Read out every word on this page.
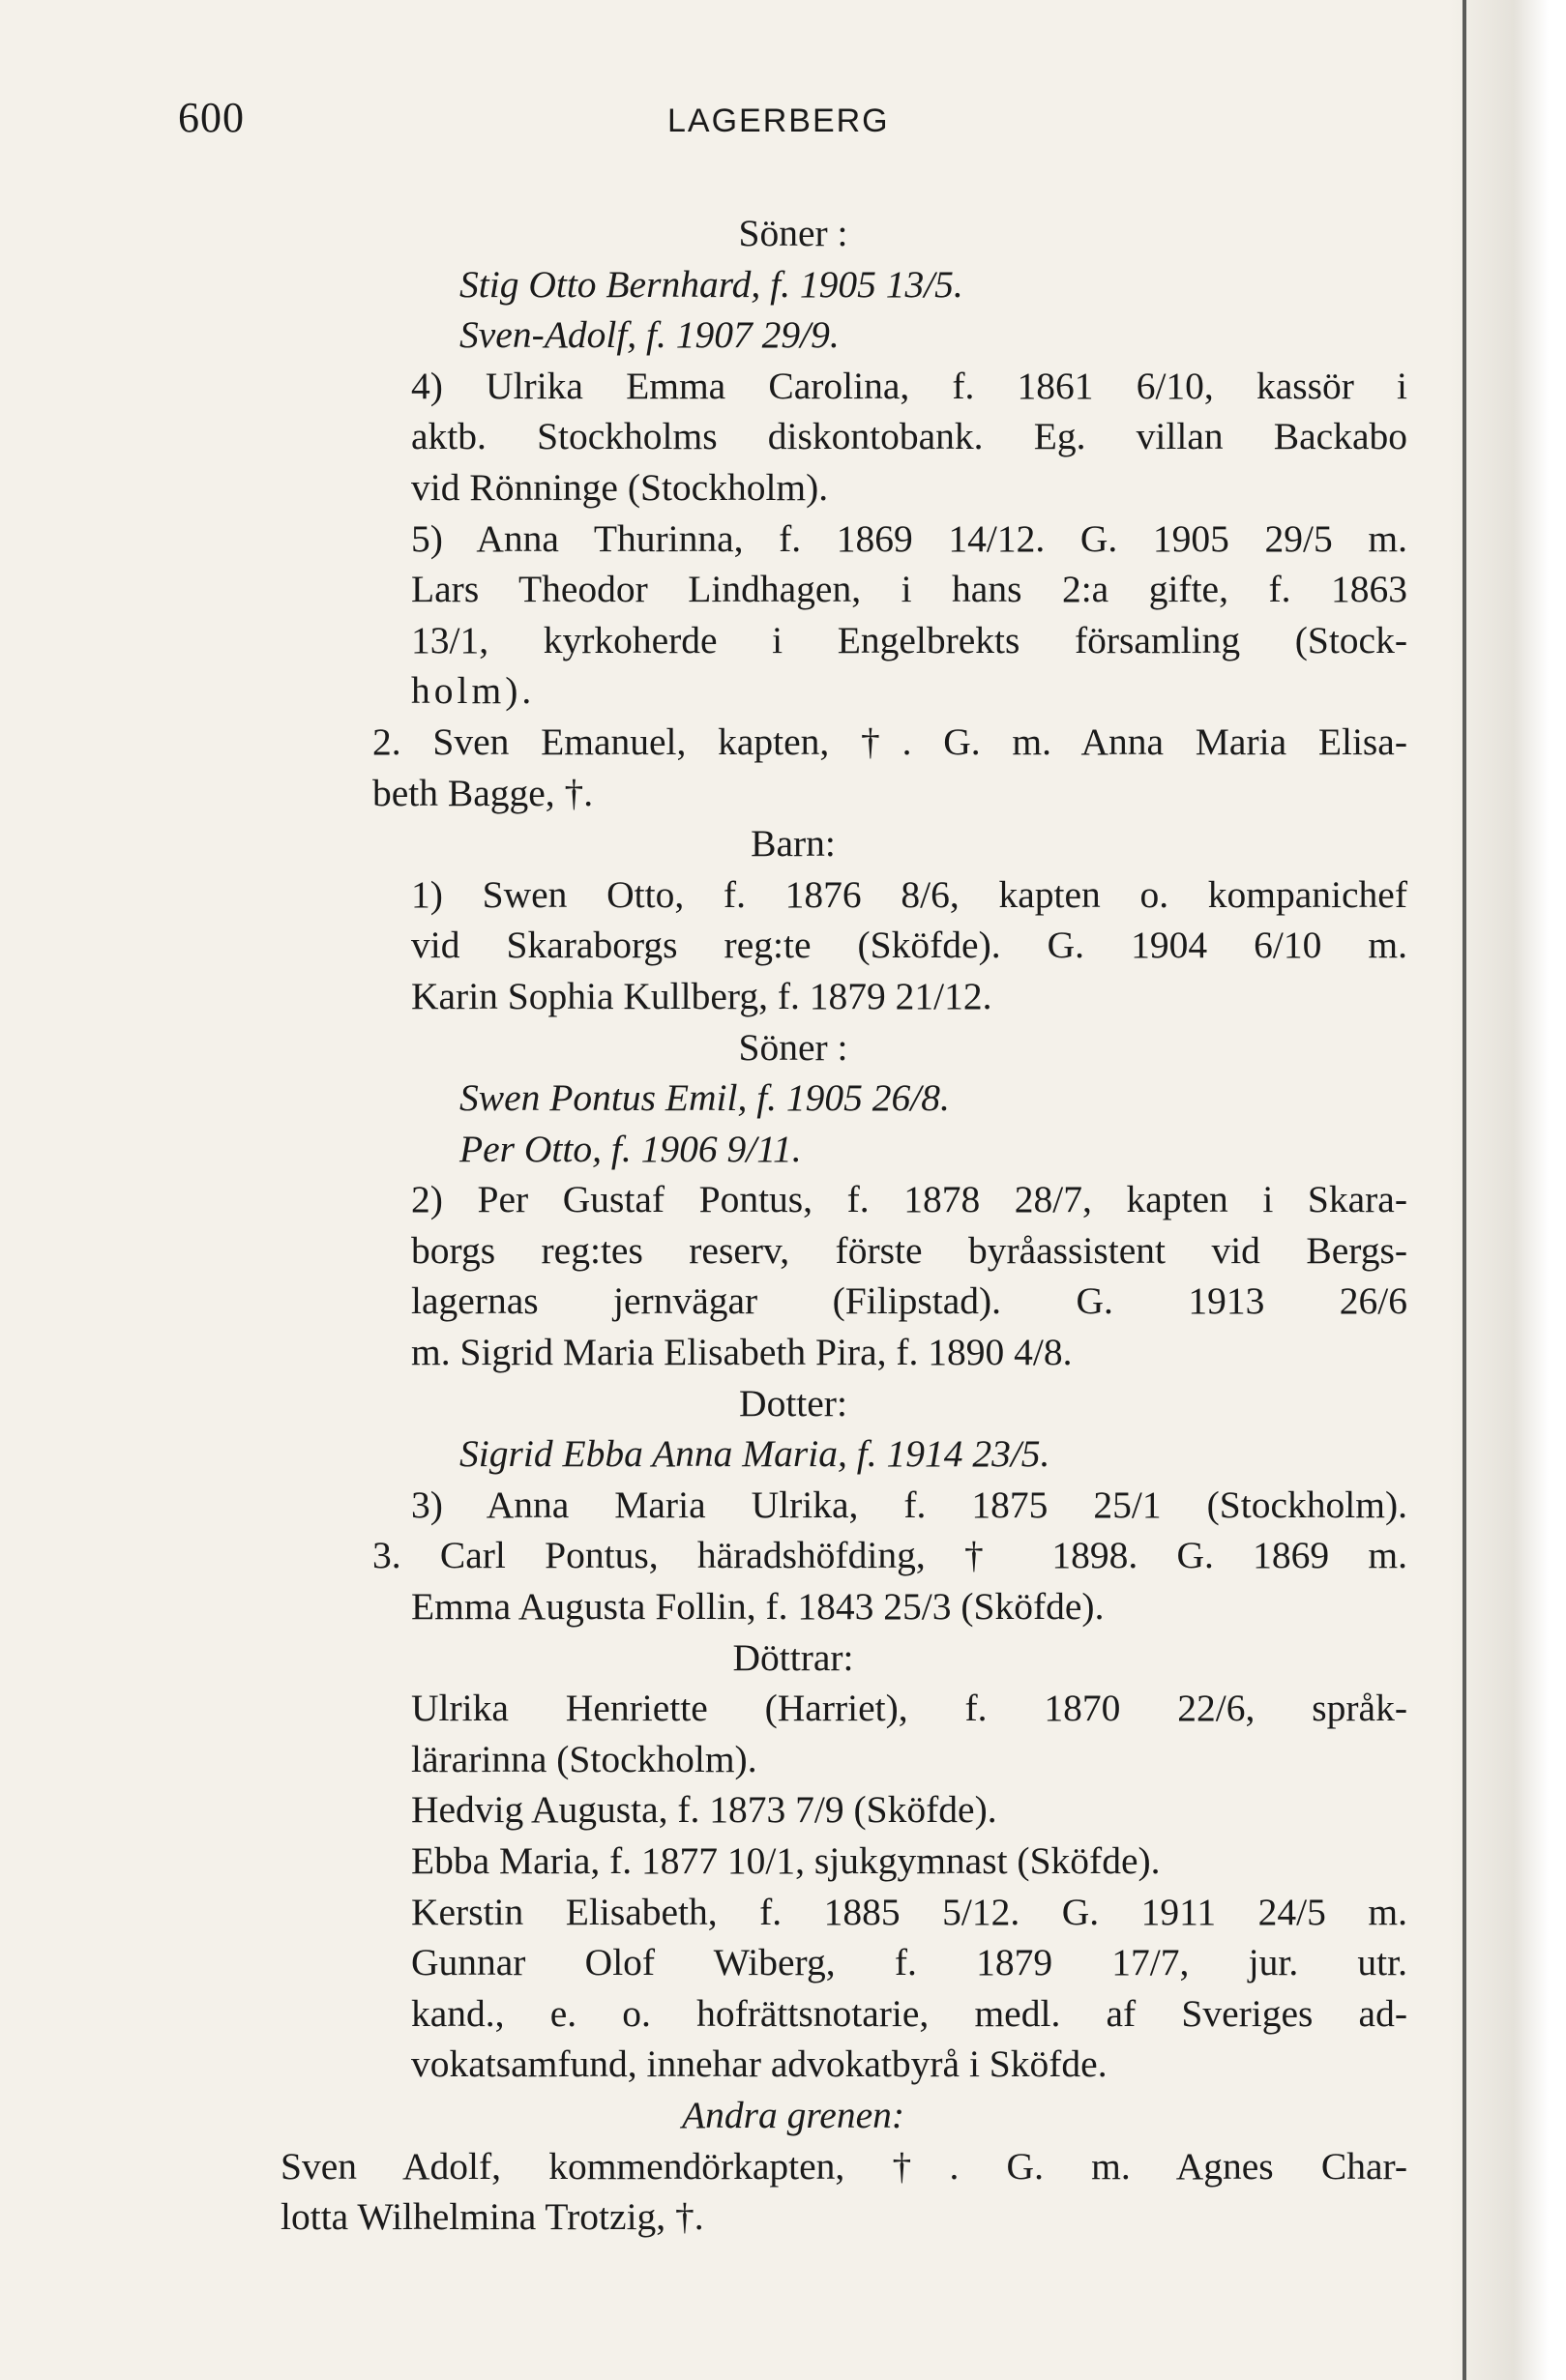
600	LAGERBERG
Söner :
Stig Otto Bernhard, f. 1905 13/5.
Sven-Adolf, f. 1907 29/9.
4) Ulrika Emma Carolina, f. 1861 6/10, kassör i
aktb. Stockholms diskontobank. Eg. villan Backabo
vid Rönninge (Stockholm).
5) Anna Thurinna, f. 1869 14/12. G. 1905 29/5 m.
Lars Theodor Lindhagen, i hans 2:a gifte, f. 1863
13/1, kyrkoherde i Engelbrekts församling (Stock-
holm).
2. Sven Emanuel, kapten, †. G. m. Anna Maria Elisa-
beth Bagge, †.
Barn:
1) Swen Otto, f. 1876 8/6, kapten o. kompanichef
vid Skaraborgs reg:te (Sköfde). G. 1904 6/10 m.
Karin Sophia Kullberg, f. 1879 21/12.
Söner :
Swen Pontus Emil, f. 1905 26/8.
Per Otto, f. 1906 9/11.
2) Per Gustaf Pontus, f. 1878 28/7, kapten i Skara-
borgs reg:tes reserv, förste byråassistent vid Bergs-
lagernas jernvägar (Filipstad). G. 1913 26/6
m. Sigrid Maria Elisabeth Pira, f. 1890 4/8.
Dotter:
Sigrid Ebba Anna Maria, f. 1914 23/5.
3) Anna Maria Ulrika, f. 1875 25/1 (Stockholm).
3. Carl Pontus, häradshöfding, † 1898. G. 1869 m.
Emma Augusta Follin, f. 1843 25/3 (Sköfde).
Döttrar:
Ulrika Henriette (Harriet), f. 1870 22/6, språk-
lärarinna (Stockholm).
Hedvig Augusta, f. 1873 7/9 (Sköfde).
Ebba Maria, f. 1877 10/1, sjukgymnast (Sköfde).
Kerstin Elisabeth, f. 1885 5/12. G. 1911 24/5 m.
Gunnar Olof Wiberg, f. 1879 17/7, jur. utr.
kand., e. o. hofrättsnotarie, medl. af Sveriges ad-
vokatsamfund, innehar advokatbyrå i Sköfde.
Andra grenen:
Sven Adolf, kommendörkapten, †. G. m. Agnes Char-
lotta Wilhelmina Trotzig, †.
